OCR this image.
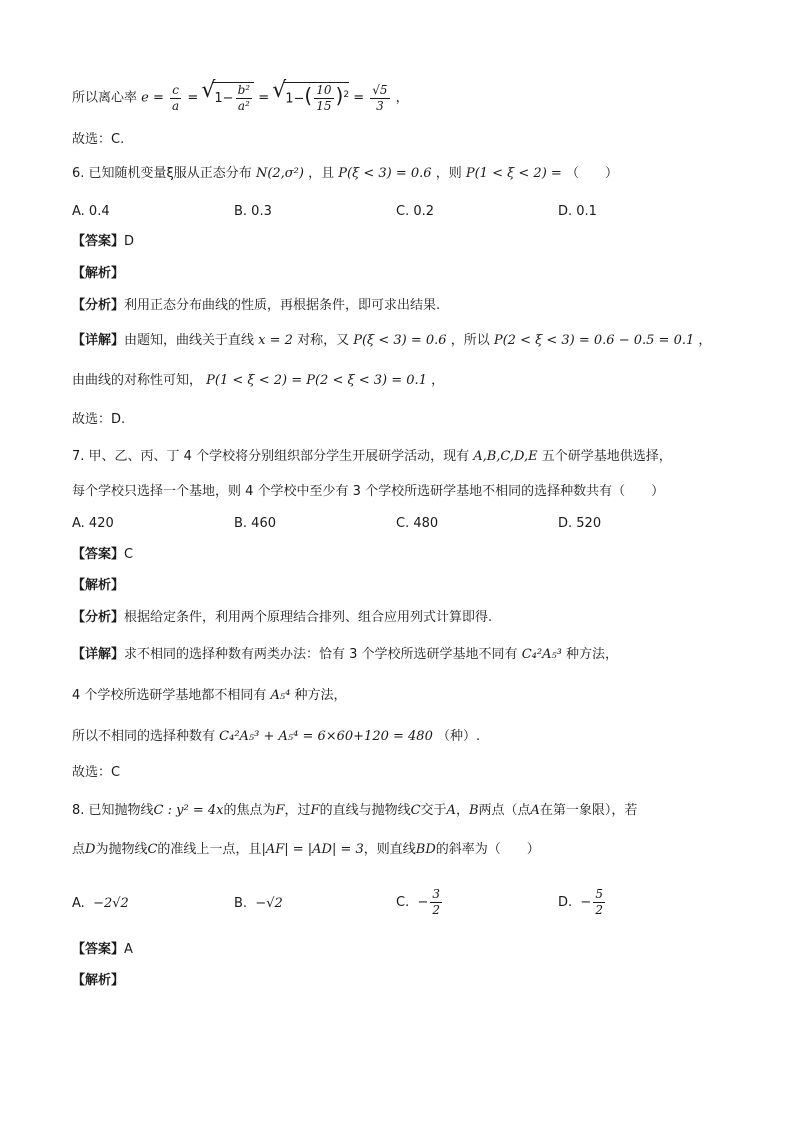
所以离心率 $e = \frac{c}{a}$ = √ $1- \frac{\text{b²}}{\text{a²}}$ = √ $1-( \frac{10}{15} )^2 = \frac{√5}{3}$ ，
故选：C.
6. 已知随机变量ξ服从正态分布 N(2,σ²) ，且 P(ξ < 3) = 0.6 ，则 P(1 < ξ < 2) = （　　）
A. 0.4	B. 0.3	C. 0.2	D. 0.1
【答案】D
【解析】
【分析】利用正态分布曲线的性质，再根据条件，即可求出结果.
【详解】由题知，曲线关于直线 x = 2 对称，又 P(ξ < 3) = 0.6 ，所以 P(2 < ξ < 3) = 0.6 − 0.5 = 0.1 ，
由曲线的对称性可知， P(1 < ξ < 2) = P(2 < ξ < 3) = 0.1 ，
故选：D.
7. 甲、乙、丙、丁 4 个学校将分别组织部分学生开展研学活动，现有 A,B,C,D,E 五个研学基地供选择，
每个学校只选择一个基地，则 4 个学校中至少有 3 个学校所选研学基地不相同的选择种数共有（　　）
A. 420	B. 460	C. 480	D. 520
【答案】C
【解析】
【分析】根据给定条件，利用两个原理结合排列、组合应用列式计算即得.
【详解】求不相同的选择种数有两类办法：恰有 3 个学校所选研学基地不同有 C₄²A₅³ 种方法，
4 个学校所选研学基地都不相同有 A₅⁴ 种方法，
所以不相同的选择种数有 C₄²A₅³ + A₅⁴ = 6×60+120 = 480 （种）.
故选：C
8. 已知抛物线C : y² = 4x的焦点为F，过F的直线与抛物线C交于A，B两点（点A在第一象限），若
点D为抛物线C的准线上一点，且|AF| = |AD| = 3，则直线BD的斜率为（　　）
A. −2√2	B. −√2	C. − $\frac{3}{2}$	D. − $\frac{5}{2}$
【答案】A
【解析】
